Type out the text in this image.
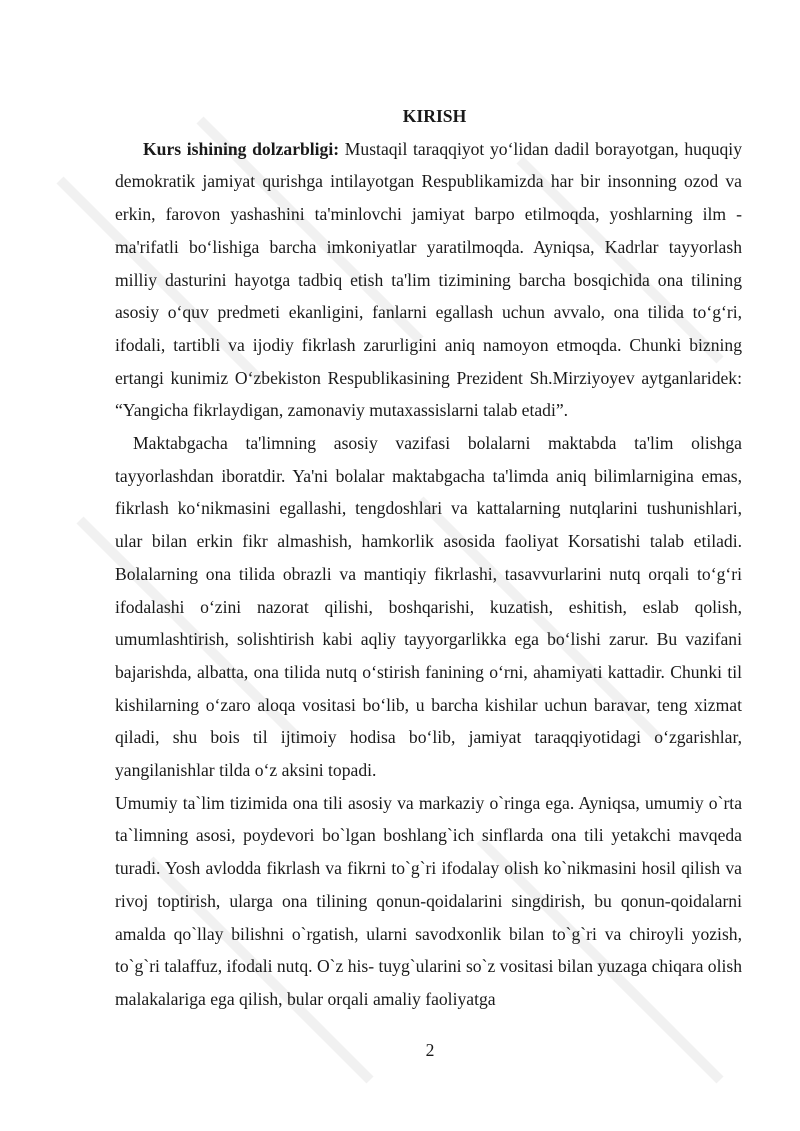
KIRISH

Kurs ishining dolzarbligi: Mustaqil taraqqiyot yo‘lidan dadil borayotgan, huquqiy demokratik jamiyat qurishga intilayotgan Respublikamizda har bir insonning ozod va erkin, farovon yashashini ta'minlovchi jamiyat barpo etilmoqda, yoshlarning ilm - ma'rifatli bo‘lishiga barcha imkoniyatlar yaratilmoqda. Ayniqsa, Kadrlar tayyorlash milliy dasturini hayotga tadbiq etish ta'lim tizimining barcha bosqichida ona tilining asosiy o‘quv predmeti ekanligini, fanlarni egallash uchun avvalo, ona tilida to‘g‘ri, ifodali, tartibli va ijodiy fikrlash zarurligini aniq namoyon etmoqda. Chunki bizning ertangi kunimiz O‘zbekiston Respublikasining Prezident Sh.Mirziyoyev aytganlaridek: “Yangicha fikrlaydigan, zamonaviy mutaxassislarni talab etadi”.

Maktabgacha ta'limning asosiy vazifasi bolalarni maktabda ta'lim olishga tayyorlashdan iboratdir. Ya'ni bolalar maktabgacha ta'limda aniq bilimlarnigina emas, fikrlash ko‘nikmasini egallashi, tengdoshlari va kattalarning nutqlarini tushunishlari, ular bilan erkin fikr almashish, hamkorlik asosida faoliyat Korsatishi talab etiladi. Bolalarning ona tilida obrazli va mantiqiy fikrlashi, tasavvurlarini nutq orqali to‘g‘ri ifodalashi o‘zini nazorat qilishi, boshqarishi, kuzatish, eshitish, eslab qolish, umumlashtirish, solishtirish kabi aqliy tayyorgarlikka ega bo‘lishi zarur. Bu vazifani bajarishda, albatta, ona tilida nutq o‘stirish fanining o‘rni, ahamiyati kattadir. Chunki til kishilarning o‘zaro aloqa vositasi bo‘lib, u barcha kishilar uchun baravar, teng xizmat qiladi, shu bois til ijtimoiy hodisa bo‘lib, jamiyat taraqqiyotidagi o‘zgarishlar, yangilanishlar tilda o‘z aksini topadi.

Umumiy ta`lim tizimida ona tili asosiy va markaziy o`ringa ega. Ayniqsa, umumiy o`rta ta`limning asosi, poydevori bo`lgan boshlang`ich sinflarda ona tili yetakchi mavqeda turadi. Yosh avlodda fikrlash va fikrni to`g`ri ifodalay olish ko`nikmasini hosil qilish va rivoj toptirish, ularga ona tilining qonun-qoidalarini singdirish, bu qonun-qoidalarni amalda qo`llay bilishni o`rgatish, ularni savodxonlik bilan to`g`ri va chiroyli yozish, to`g`ri talaffuz, ifodali nutq. O`z his- tuyg`ularini so`z vositasi bilan yuzaga chiqara olish malakalariga ega qilish, bular orqali amaliy faoliyatga

2
